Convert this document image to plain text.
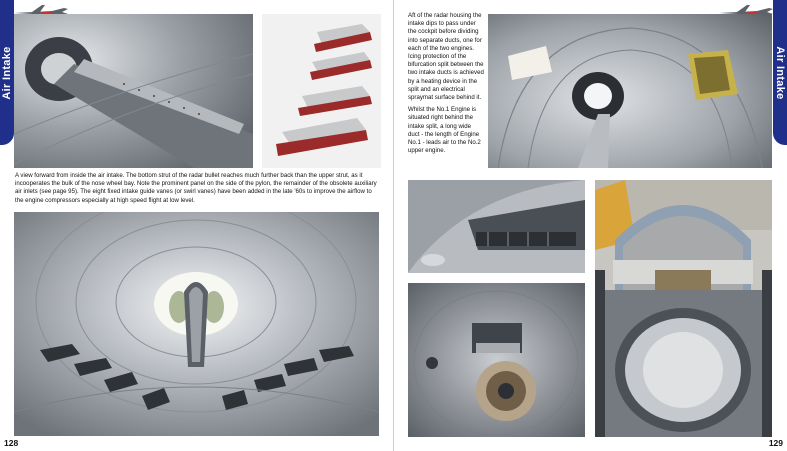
Air Intake

A view forward from inside the air intake. The bottom strut of the radar bullet reaches much further back than the upper strut, as it incooperates the bulk of the nose wheel bay. Note the prominent panel on the side of the pylon, the remainder of the obsolete auxiliary air inlets (see page 95). The eight fixed intake guide vanes (or swirl vanes) have been added in the late '60s to improve the airflow to the engine compressors especially at high speed flight at low level.

128
Air Intake

Aft of the radar housing the intake dips to pass under the cockpit before dividing into separate ducts, one for each of the two engines. Icing protection of the bifurcation split between the two intake ducts is achieved by a heating device in the split and an electrical spraymat surface behind it.

Whilst the No.1 Engine is situated right behind the intake split, a long wide duct - the length of Engine No.1 - leads air to the No.2 upper engine.

129
